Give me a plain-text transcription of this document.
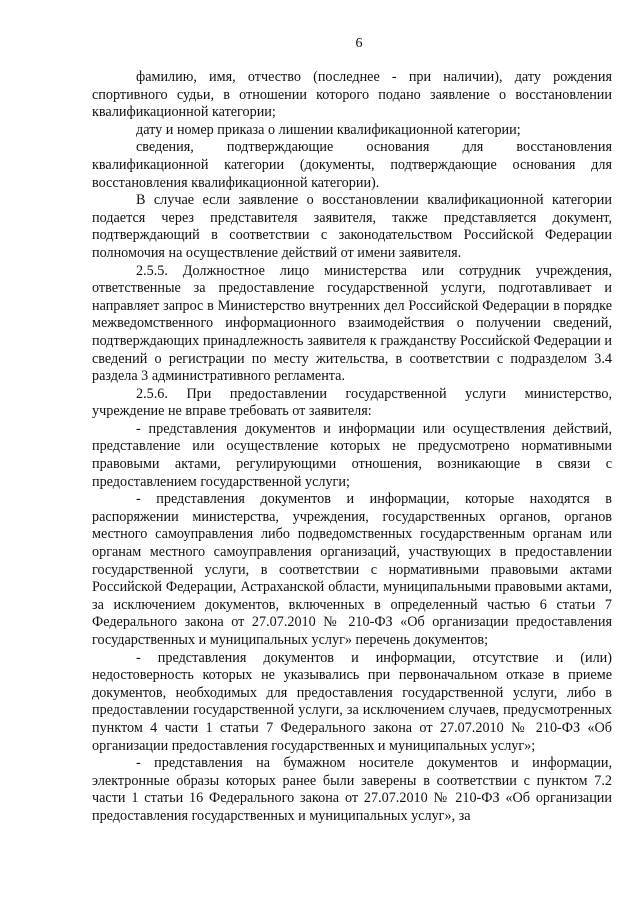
6

фамилию, имя, отчество (последнее - при наличии), дату рождения спортивного судьи, в отношении которого подано заявление о восстановлении квалификационной категории;

дату и номер приказа о лишении квалификационной категории;

сведения, подтверждающие основания для восстановления квалификационной категории (документы, подтверждающие основания для восстановления квалификационной категории).

В случае если заявление о восстановлении квалификационной категории подается через представителя заявителя, также представляется документ, подтверждающий в соответствии с законодательством Российской Федерации полномочия на осуществление действий от имени заявителя.

2.5.5. Должностное лицо министерства или сотрудник учреждения, ответственные за предоставление государственной услуги, подготавливает и направляет запрос в Министерство внутренних дел Российской Федерации в порядке межведомственного информационного взаимодействия о получении сведений, подтверждающих принадлежность заявителя к гражданству Российской Федерации и сведений о регистрации по месту жительства, в соответствии с подразделом 3.4 раздела 3 административного регламента.

2.5.6. При предоставлении государственной услуги министерство, учреждение не вправе требовать от заявителя:

- представления документов и информации или осуществления действий, представление или осуществление которых не предусмотрено нормативными правовыми актами, регулирующими отношения, возникающие в связи с предоставлением государственной услуги;

- представления документов и информации, которые находятся в распоряжении министерства, учреждения, государственных органов, органов местного самоуправления либо подведомственных государственным органам или органам местного самоуправления организаций, участвующих в предоставлении государственной услуги, в соответствии с нормативными правовыми актами Российской Федерации, Астраханской области, муниципальными правовыми актами, за исключением документов, включенных в определенный частью 6 статьи 7 Федерального закона от 27.07.2010 № 210-ФЗ «Об организации предоставления государственных и муниципальных услуг» перечень документов;

- представления документов и информации, отсутствие и (или) недостоверность которых не указывались при первоначальном отказе в приеме документов, необходимых для предоставления государственной услуги, либо в предоставлении государственной услуги, за исключением случаев, предусмотренных пунктом 4 части 1 статьи 7 Федерального закона от 27.07.2010 № 210-ФЗ «Об организации предоставления государственных и муниципальных услуг»;

- представления на бумажном носителе документов и информации, электронные образы которых ранее были заверены в соответствии с пунктом 7.2 части 1 статьи 16 Федерального закона от 27.07.2010 № 210-ФЗ «Об организации предоставления государственных и муниципальных услуг», за
